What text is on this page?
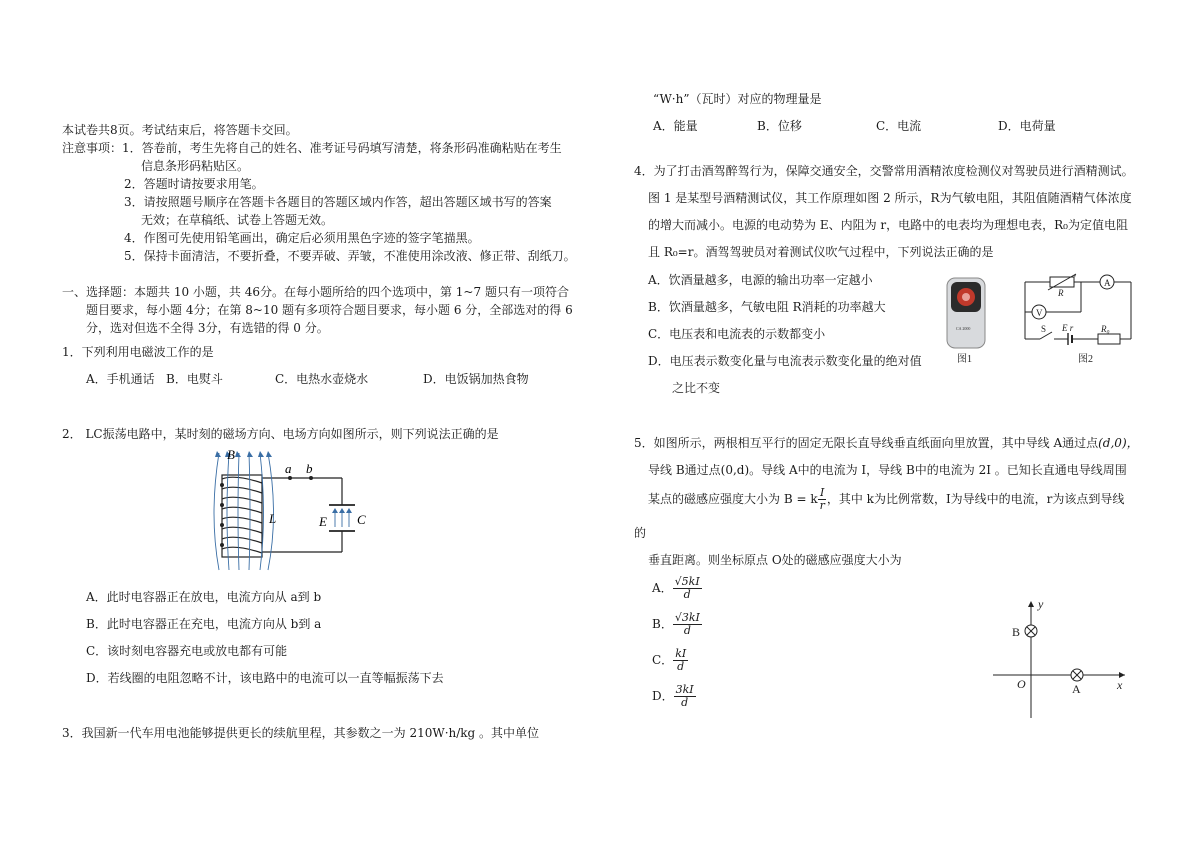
本试卷共8页。考试结束后，将答题卡交回。
注意事项：1．答卷前，考生先将自己的姓名、准考证号码填写清楚，将条形码准确粘贴在考生
信息条形码粘贴区。
2．答题时请按要求用笔。
3．请按照题号顺序在答题卡各题目的答题区域内作答，超出答题区域书写的答案
无效；在草稿纸、试卷上答题无效。
4．作图可先使用铅笔画出，确定后必须用黑色字迹的签字笔描黑。
5．保持卡面清洁，不要折叠，不要弄破、弄皱，不准使用涂改液、修正带、刮纸刀。
一、选择题：本题共 10 小题，共 46分。在每小题所给的四个选项中，第 1~7 题只有一项符合
题目要求，每小题 4分；在第 8~10 题有多项符合题目要求，每小题 6 分，全部选对的得 6
分，选对但选不全得 3分，有选错的得 0 分。
1．下列利用电磁波工作的是
A．手机通话 B．电熨斗	C．电热水壶烧水	D．电饭锅加热食物
2． LC振荡电路中，某时刻的磁场方向、电场方向如图所示，则下列说法正确的是
B
a b
L	E C
A．此时电容器正在放电，电流方向从 a到 b
B．此时电容器正在充电，电流方向从 b到 a
C．该时刻电容器充电或放电都有可能
D．若线圈的电阻忽略不计，该电路中的电流可以一直等幅振荡下去
3．我国新一代车用电池能够提供更长的续航里程，其参数之一为 210W·h/kg 。其中单位
“W·h”（瓦时）对应的物理量是
A．能量	B．位移	C．电流	D．电荷量
4．为了打击酒驾醉驾行为，保障交通安全，交警常用酒精浓度检测仪对驾驶员进行酒精测试。
图 1 是某型号酒精测试仪，其工作原理如图 2 所示，R为气敏电阻，其阻值随酒精气体浓度
的增大而减小。电源的电动势为 E、内阻为 r，电路中的电表均为理想电表，R₀为定值电阻
且 R₀=r。酒驾驾驶员对着测试仪吹气过程中，下列说法正确的是
A．饮酒量越多，电源的输出功率一定越小
B．饮酒量越多，气敏电阻 R消耗的功率越大
C．电压表和电流表的示数都变小
D．电压表示数变化量与电流表示数变化量的绝对值
之比不变
CA 2000
图1
R
A
V
S E r	R₀
图2
5．如图所示，两根相互平行的固定无限长直导线垂直纸面向里放置，其中导线 A通过点(d,0)，
导线 B通过点(0,d)。导线 A中的电流为 I，导线 B中的电流为 2I 。已知长直通电导线周围
某点的磁感应强度大小为 B = k $\frac{I}{r}$ ，其中 k为比例常数，I为导线中的电流，r为该点到导线
的
垂直距离。则坐标原点 O处的磁感应强度大小为
A． $\frac{√5kI}{d}$
B． $\frac{√3kI}{d}$
C． $\frac{kI}{d}$
D． $\frac{3kI}{d}$
y
x
O
B
A
